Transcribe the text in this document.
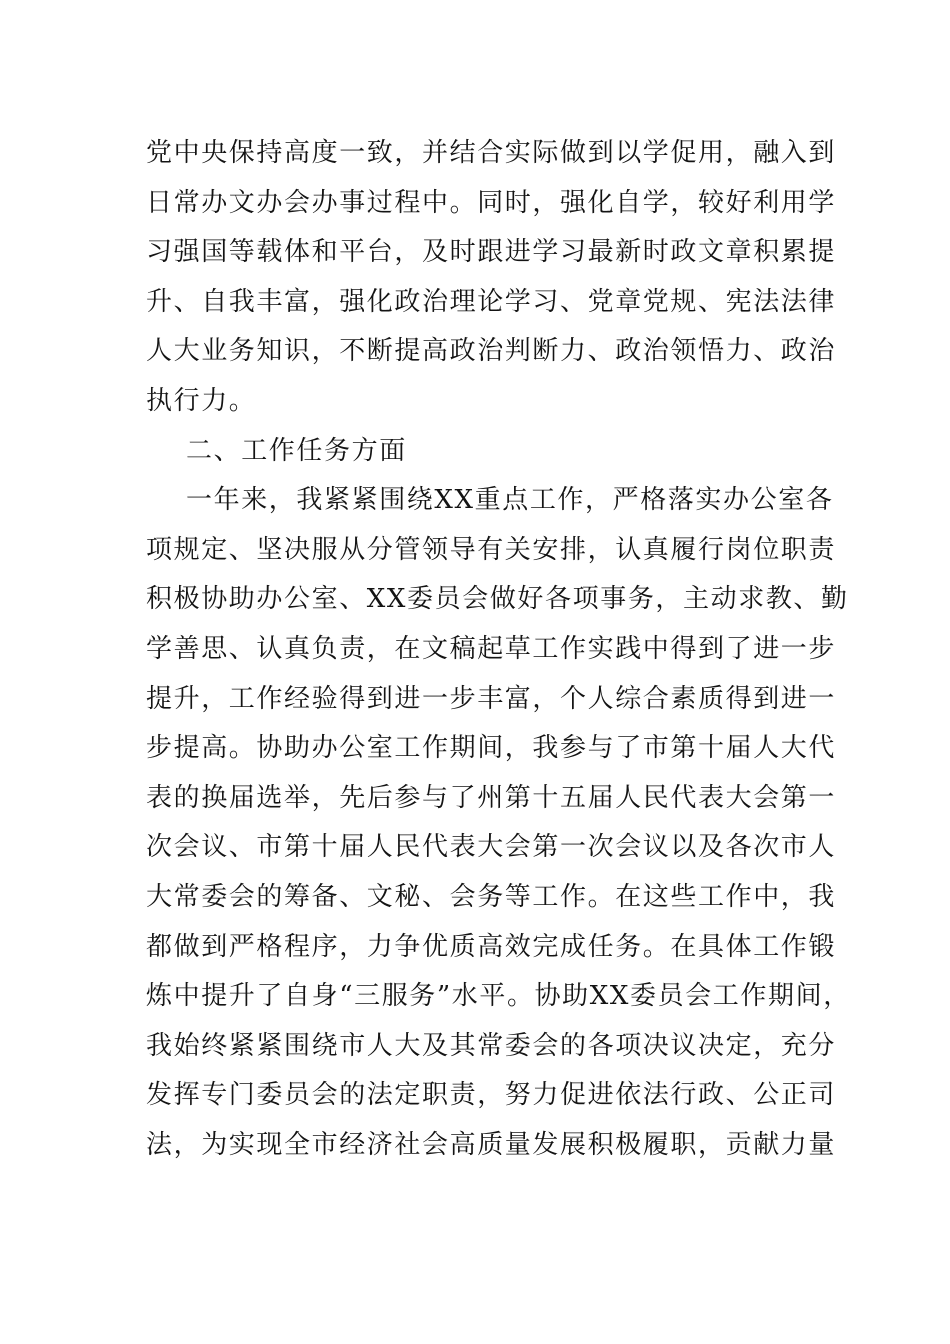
党中央保持高度一致，并结合实际做到以学促用，融入到
日常办文办会办事过程中。同时，强化自学，较好利用学
习强国等载体和平台，及时跟进学习最新时政文章积累提
升、自我丰富，强化政治理论学习、党章党规、宪法法律
人大业务知识，不断提高政治判断力、政治领悟力、政治
执行力。
二、工作任务方面
一年来，我紧紧围绕XX重点工作，严格落实办公室各
项规定、坚决服从分管领导有关安排，认真履行岗位职责
积极协助办公室、XX委员会做好各项事务，主动求教、勤
学善思、认真负责，在文稿起草工作实践中得到了进一步
提升，工作经验得到进一步丰富，个人综合素质得到进一
步提高。协助办公室工作期间，我参与了市第十届人大代
表的换届选举，先后参与了州第十五届人民代表大会第一
次会议、市第十届人民代表大会第一次会议以及各次市人
大常委会的筹备、文秘、会务等工作。在这些工作中，我
都做到严格程序，力争优质高效完成任务。在具体工作锻
炼中提升了自身“三服务”水平。协助XX委员会工作期间，
我始终紧紧围绕市人大及其常委会的各项决议决定，充分
发挥专门委员会的法定职责，努力促进依法行政、公正司
法，为实现全市经济社会高质量发展积极履职，贡献力量
